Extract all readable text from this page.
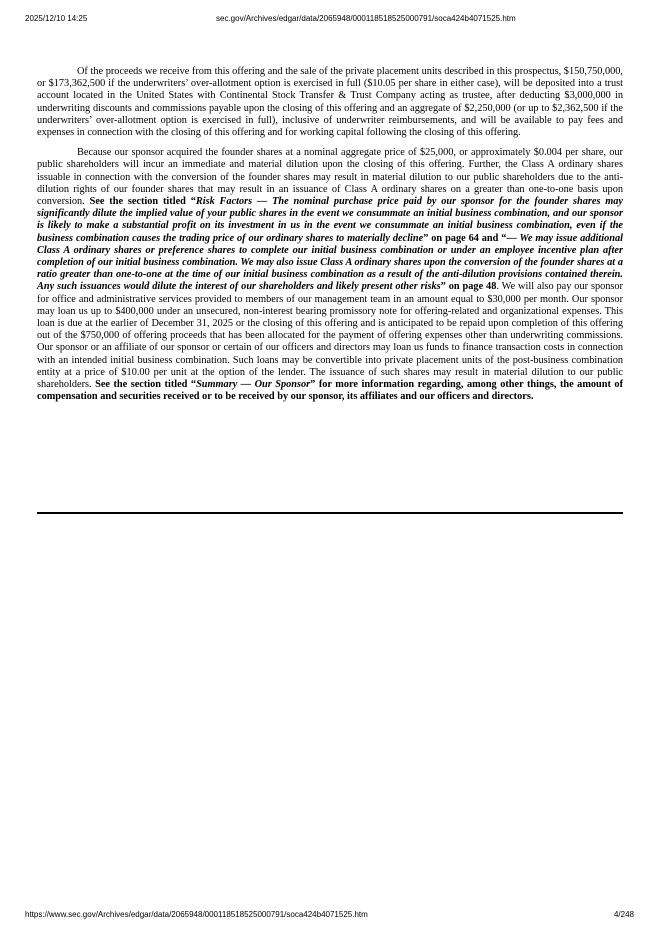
2025/12/10 14:25	sec.gov/Archives/edgar/data/2065948/000118518525000791/soca424b4071525.htm

Of the proceeds we receive from this offering and the sale of the private placement units described in this prospectus, $150,750,000, or $173,362,500 if the underwriters’ over-allotment option is exercised in full ($10.05 per share in either case), will be deposited into a trust account located in the United States with Continental Stock Transfer & Trust Company acting as trustee, after deducting $3,000,000 in underwriting discounts and commissions payable upon the closing of this offering and an aggregate of $2,250,000 (or up to $2,362,500 if the underwriters’ over-allotment option is exercised in full), inclusive of underwriter reimbursements, and will be available to pay fees and expenses in connection with the closing of this offering and for working capital following the closing of this offering.

Because our sponsor acquired the founder shares at a nominal aggregate price of $25,000, or approximately $0.004 per share, our public shareholders will incur an immediate and material dilution upon the closing of this offering. Further, the Class A ordinary shares issuable in connection with the conversion of the founder shares may result in material dilution to our public shareholders due to the anti-dilution rights of our founder shares that may result in an issuance of Class A ordinary shares on a greater than one-to-one basis upon conversion. See the section titled “Risk Factors — The nominal purchase price paid by our sponsor for the founder shares may significantly dilute the implied value of your public shares in the event we consummate an initial business combination, and our sponsor is likely to make a substantial profit on its investment in us in the event we consummate an initial business combination, even if the business combination causes the trading price of our ordinary shares to materially decline” on page 64 and “— We may issue additional Class A ordinary shares or preference shares to complete our initial business combination or under an employee incentive plan after completion of our initial business combination. We may also issue Class A ordinary shares upon the conversion of the founder shares at a ratio greater than one-to-one at the time of our initial business combination as a result of the anti-dilution provisions contained therein. Any such issuances would dilute the interest of our shareholders and likely present other risks” on page 48. We will also pay our sponsor for office and administrative services provided to members of our management team in an amount equal to $30,000 per month. Our sponsor may loan us up to $400,000 under an unsecured, non-interest bearing promissory note for offering-related and organizational expenses. This loan is due at the earlier of December 31, 2025 or the closing of this offering and is anticipated to be repaid upon completion of this offering out of the $750,000 of offering proceeds that has been allocated for the payment of offering expenses other than underwriting commissions. Our sponsor or an affiliate of our sponsor or certain of our officers and directors may loan us funds to finance transaction costs in connection with an intended initial business combination. Such loans may be convertible into private placement units of the post-business combination entity at a price of $10.00 per unit at the option of the lender. The issuance of such shares may result in material dilution to our public shareholders. See the section titled “Summary — Our Sponsor” for more information regarding, among other things, the amount of compensation and securities received or to be received by our sponsor, its affiliates and our officers and directors.

https://www.sec.gov/Archives/edgar/data/2065948/000118518525000791/soca424b4071525.htm	4/248
